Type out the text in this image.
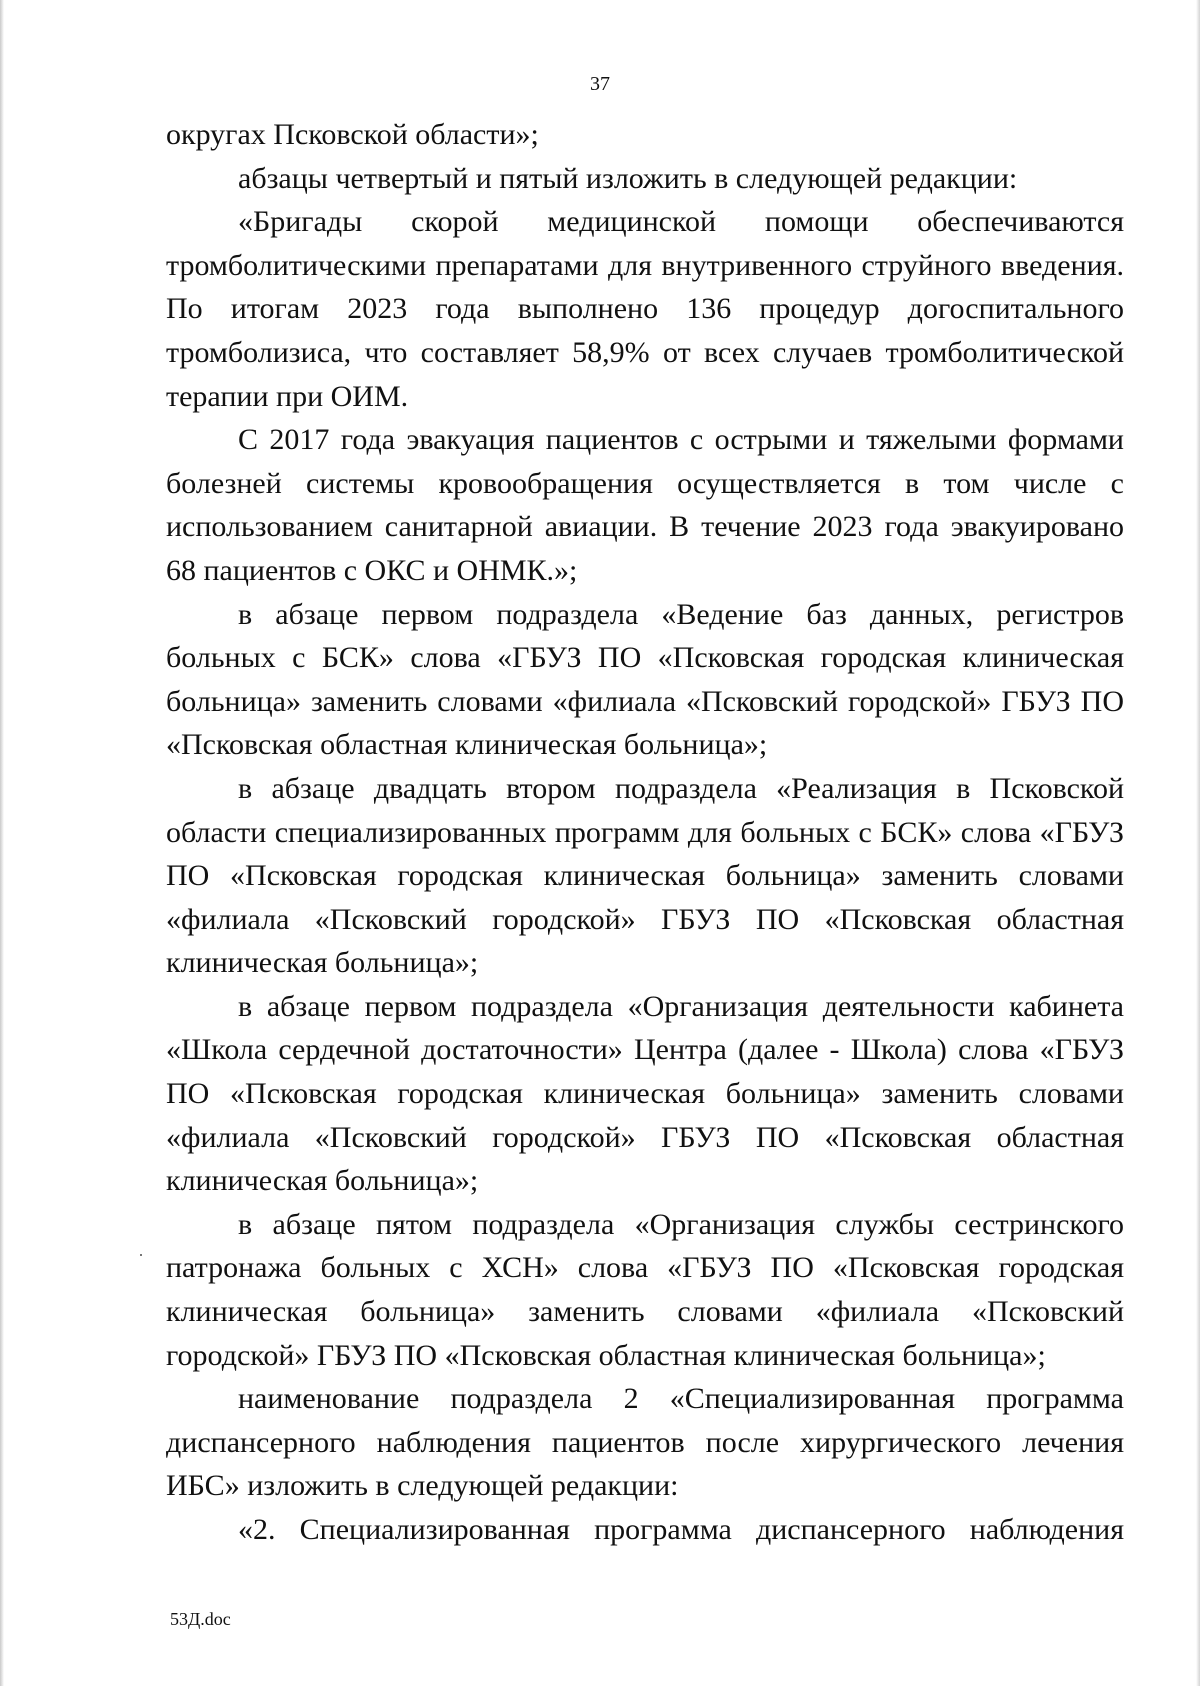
37

округах Псковской области»;

абзацы четвертый и пятый изложить в следующей редакции:

«Бригады скорой медицинской помощи обеспечиваются тромболитическими препаратами для внутривенного струйного введения. По итогам 2023 года выполнено 136 процедур догоспитального тромболизиса, что составляет 58,9% от всех случаев тромболитической терапии при ОИМ.

С 2017 года эвакуация пациентов с острыми и тяжелыми формами болезней системы кровообращения осуществляется в том числе с использованием санитарной авиации. В течение 2023 года эвакуировано 68 пациентов с ОКС и ОНМК.»;

в абзаце первом подраздела «Ведение баз данных, регистров больных с БСК» слова «ГБУЗ ПО «Псковская городская клиническая больница» заменить словами «филиала «Псковский городской» ГБУЗ ПО «Псковская областная клиническая больница»;

в абзаце двадцать втором подраздела «Реализация в Псковской области специализированных программ для больных с БСК» слова «ГБУЗ ПО «Псковская городская клиническая больница» заменить словами «филиала «Псковский городской» ГБУЗ ПО «Псковская областная клиническая больница»;

в абзаце первом подраздела «Организация деятельности кабинета «Школа сердечной достаточности» Центра (далее - Школа) слова «ГБУЗ ПО «Псковская городская клиническая больница» заменить словами «филиала «Псковский городской» ГБУЗ ПО «Псковская областная клиническая больница»;

в абзаце пятом подраздела «Организация службы сестринского патронажа больных с ХСН» слова «ГБУЗ ПО «Псковская городская клиническая больница» заменить словами «филиала «Псковский городской» ГБУЗ ПО «Псковская областная клиническая больница»;

наименование подраздела 2 «Специализированная программа диспансерного наблюдения пациентов после хирургического лечения ИБС» изложить в следующей редакции:

«2. Специализированная программа диспансерного наблюдения

53Д.doc
